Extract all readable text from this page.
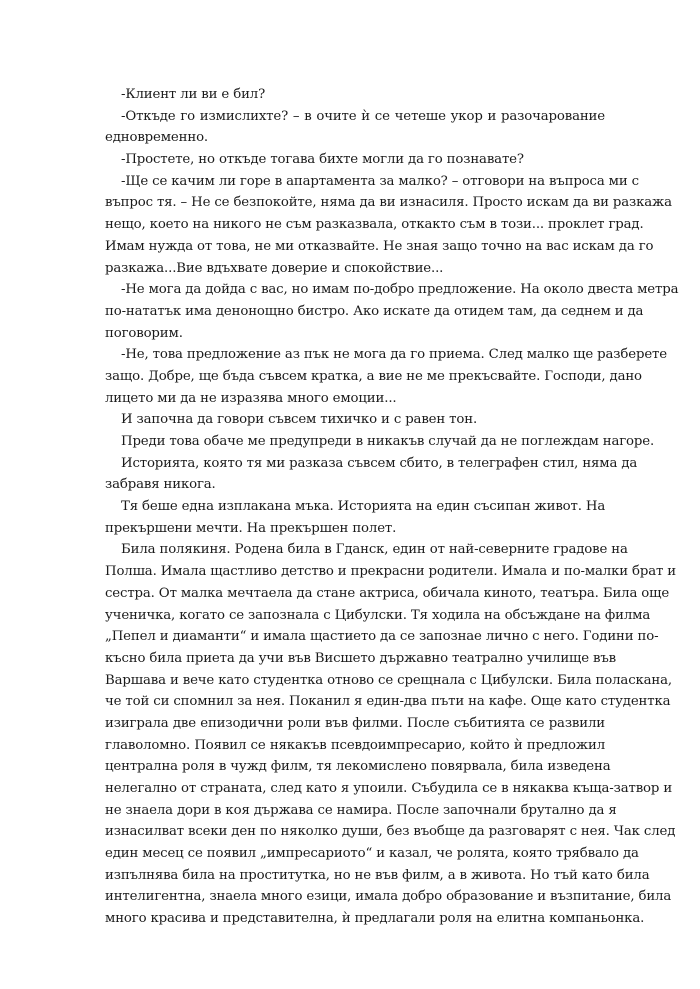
-Клиент ли ви е бил?
-Откъде го измислихте? – в очите ѝ се четеше укор и разочарование
едновременно.
-Простете, но откъде тогава бихте могли да го познавате?
-Ще се качим ли горе в апартамента за малко? – отговори на въпроса ми с
въпрос тя. – Не се безпокойте, няма да ви изнасиля. Просто искам да ви разкажа
нещо, което на никого не съм разказвала, откакто съм в този... проклет град.
Имам нужда от това, не ми отказвайте. Не зная защо точно на вас искам да го
разкажа...Вие вдъхвате доверие и спокойствие...
-Не мога да дойда с вас, но имам по-добро предложение. На около двеста метра
по-нататък има денонощно бистро. Ако искате да отидем там, да седнем и да
поговорим.
-Не, това предложение аз пък не мога да го приема. След малко ще разберете
защо. Добре, ще бъда съвсем кратка, а вие не ме прекъсвайте. Господи, дано
лицето ми да не изразява много емоции...
И започна да говори съвсем тихичко и с равен тон.
Преди това обаче ме предупреди в никакъв случай да не поглеждам нагоре.
Историята, която тя ми разказа съвсем сбито, в телеграфен стил, няма да
забравя никога.
Тя беше една изплакана мъка. Историята на един съсипан живот. На
прекършени мечти. На прекършен полет.
Била полякиня. Родена била в Гданск, един от най-северните градове на
Полша. Имала щастливо детство и прекрасни родители. Имала и по-малки брат и
сестра. От малка мечтаела да стане актриса, обичала киното, театъра. Била още
ученичка, когато се запознала с Цибулски. Тя ходила на обсъждане на филма
„Пепел и диаманти“ и имала щастието да се запознае лично с него. Години по-
късно била приета да учи във Висшето държавно театрално училище във
Варшава и вече като студентка отново се срещнала с Цибулски. Била поласкана,
че той си спомнил за нея. Поканил я един-два пъти на кафе. Още като студентка
изиграла две епизодични роли във филми. После събитията се развили
главоломно. Появил се някакъв псевдоимпресарио, който ѝ предложил
централна роля в чужд филм, тя лекомислено повярвала, била изведена
нелегално от страната, след като я упоили. Събудила се в някаква къща-затвор и
не знаела дори в коя държава се намира. После започнали брутално да я
изнасилват всеки ден по няколко души, без въобще да разговарят с нея. Чак след
един месец се появил „импресариото“ и казал, че ролята, която трябвало да
изпълнява била на проститутка, но не във филм, а в живота. Но тъй като била
интелигентна, знаела много езици, имала добро образование и възпитание, била
много красива и представителна, ѝ предлагали роля на елитна компаньонка.
